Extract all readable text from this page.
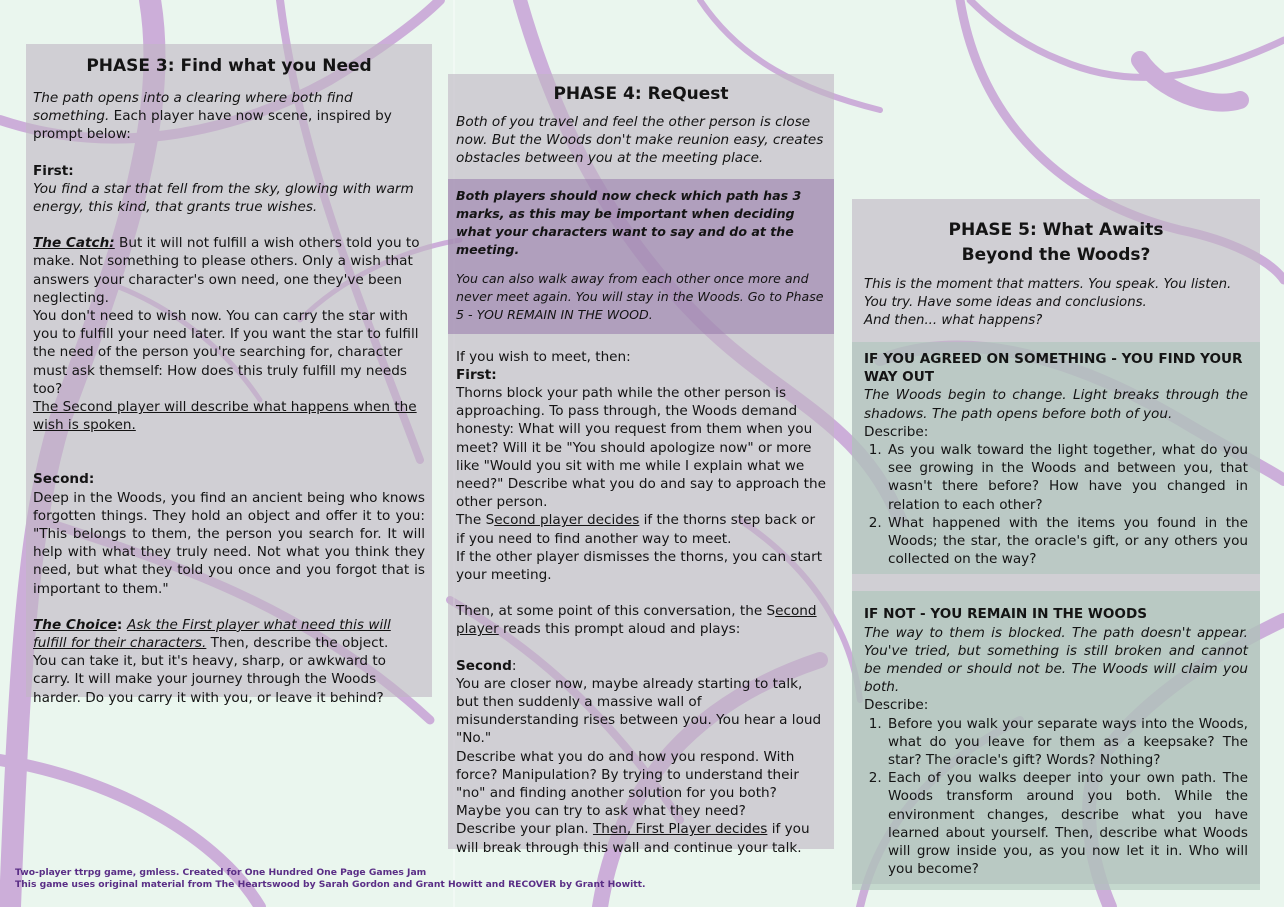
PHASE 3: Find what you Need

The path opens into a clearing where both find something. Each player have now scene, inspired by prompt below:

First:

You find a star that fell from the sky, glowing with warm energy, this kind, that grants true wishes.

The Catch: But it will not fulfill a wish others told you to make. Not something to please others. Only a wish that answers your character's own need, one they've been neglecting.

You don't need to wish now. You can carry the star with you to fulfill your need later. If you want the star to fulfill the need of the person you're searching for, character must ask themself: How does this truly fulfill my needs too?

The Second player will describe what happens when the wish is spoken.

Second:

Deep in the Woods, you find an ancient being who knows forgotten things. They hold an object and offer it to you: "This belongs to them, the person you search for. It will help with what they truly need. Not what you think they need, but what they told you once and you forgot that is important to them."

The Choice: Ask the First player what need this will fulfill for their characters. Then, describe the object.

You can take it, but it's heavy, sharp, or awkward to carry. It will make your journey through the Woods harder. Do you carry it with you, or leave it behind?

PHASE 4: ReQuest

Both of you travel and feel the other person is close now. But the Woods don't make reunion easy, creates obstacles between you at the meeting place.

Both players should now check which path has 3 marks, as this may be important when deciding what your characters want to say and do at the meeting.

You can also walk away from each other once more and never meet again. You will stay in the Woods. Go to Phase 5 - YOU REMAIN IN THE WOOD.

If you wish to meet, then:

First:

Thorns block your path while the other person is approaching. To pass through, the Woods demand honesty: What will you request from them when you meet? Will it be "You should apologize now" or more like "Would you sit with me while I explain what we need?" Describe what you do and say to approach the other person.

The Second player decides if the thorns step back or if you need to find another way to meet.

If the other player dismisses the thorns, you can start your meeting.

Then, at some point of this conversation, the Second player reads this prompt aloud and plays:

Second:

You are closer now, maybe already starting to talk, but then suddenly a massive wall of misunderstanding rises between you. You hear a loud "No."

Describe what you do and how you respond. With force? Manipulation? By trying to understand their "no" and finding another solution for you both? Maybe you can try to ask what they need?

Describe your plan. Then, First Player decides if you will break through this wall and continue your talk.

PHASE 5: What Awaits

Beyond the Woods?

This is the moment that matters. You speak. You listen. You try. Have some ideas and conclusions.

And then... what happens?

IF YOU AGREED ON SOMETHING - YOU FIND YOUR WAY OUT

The Woods begin to change. Light breaks through the shadows. The path opens before both of you.

Describe:

1. As you walk toward the light together, what do you see growing in the Woods and between you, that wasn't there before? How have you changed in relation to each other?
2. What happened with the items you found in the Woods; the star, the oracle's gift, or any others you collected on the way?

IF NOT - YOU REMAIN IN THE WOODS

The way to them is blocked. The path doesn't appear. You've tried, but something is still broken and cannot be mended or should not be. The Woods will claim you both.

Describe:

1. Before you walk your separate ways into the Woods, what do you leave for them as a keepsake? The star? The oracle's gift? Words? Nothing?
2. Each of you walks deeper into your own path. The Woods transform around you both. While the environment changes, describe what you have learned about yourself. Then, describe what Woods will grow inside you, as you now let it in. Who will you become?

Two-player ttrpg game, gmless. Created for One Hundred One Page Games Jam

This game uses original material from The Heartswood by Sarah Gordon and Grant Howitt and RECOVER by Grant Howitt.
